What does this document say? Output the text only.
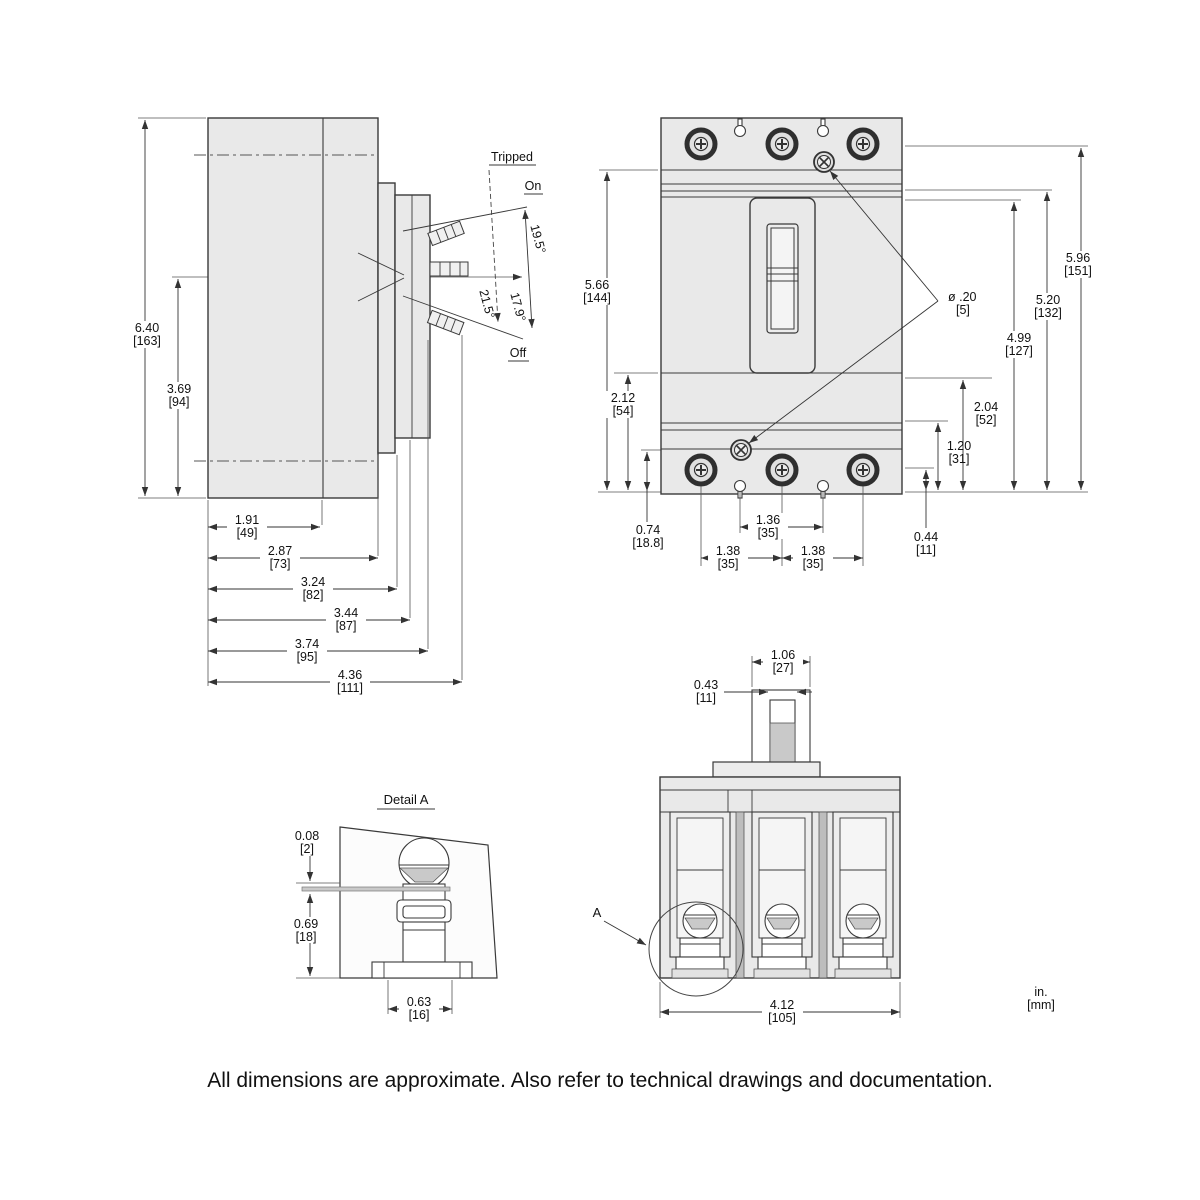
6.40
[163]
3.69
[94]
1.91
[49]
2.87
[73]
3.24
[82]
3.44
[87]
3.74
[95]
4.36
[111]
Tripped
On
Off
19.5°
21.5° 17.9°
5.66
[144]
2.12
[54]
0.74
[18.8]
1.36
[35]
1.38
[35]
1.38
[35]
0.44
[11]
1.20
[31]
2.04
[52]
4.99
[127]
5.20
[132]
5.96
[151]
ø .20
[5]
Detail A
0.08
[2]
0.69
[18]
0.63
[16]
A
1.06
[27]
0.43
[11]
4.12
[105]
in.
[mm]
All dimensions are approximate. Also refer to technical drawings and documentation.
